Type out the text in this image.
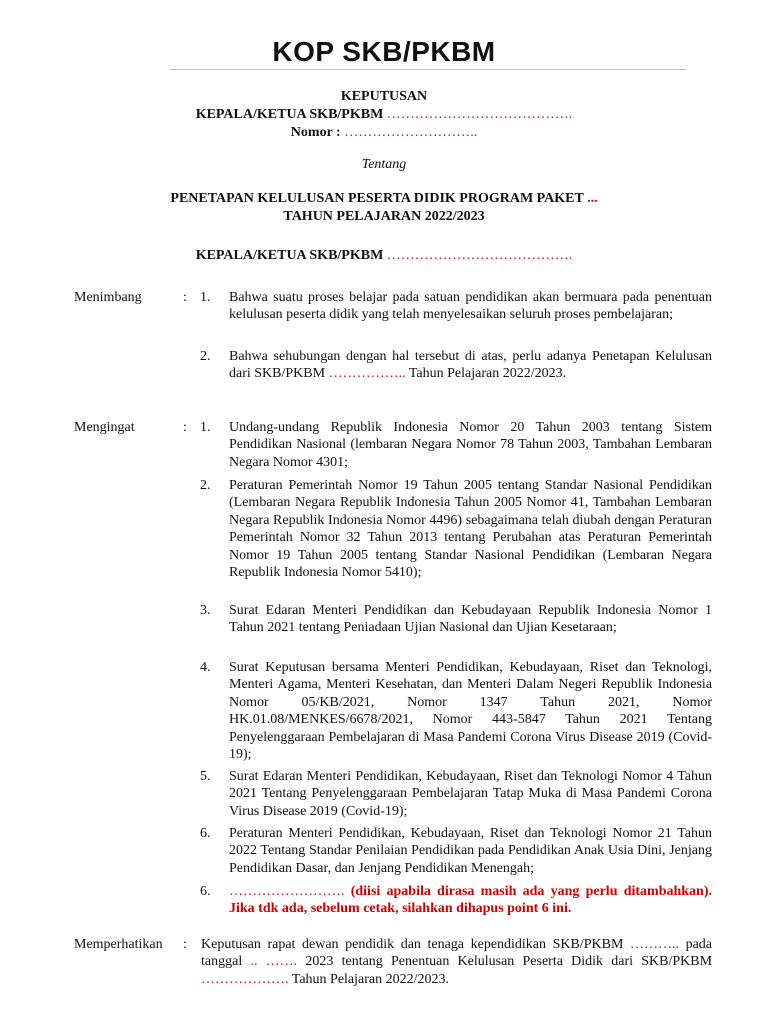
KOP SKB/PKBM
KEPUTUSAN
KEPALA/KETUA SKB/PKBM ………………………………….
Nomor : ………………………..
Tentang
PENETAPAN KELULUSAN PESERTA DIDIK PROGRAM PAKET ...
TAHUN PELAJARAN 2022/2023
KEPALA/KETUA SKB/PKBM ………………………………….
Menimbang	: 1. Bahwa suatu proses belajar pada satuan pendidikan akan bermuara pada penentuan kelulusan peserta didik yang telah menyelesaikan seluruh proses pembelajaran;
2. Bahwa sehubungan dengan hal tersebut di atas, perlu adanya Penetapan Kelulusan dari SKB/PKBM …………….. Tahun Pelajaran 2022/2023.
Mengingat	: 1. Undang-undang Republik Indonesia Nomor 20 Tahun 2003 tentang Sistem Pendidikan Nasional (lembaran Negara Nomor 78 Tahun 2003, Tambahan Lembaran Negara Nomor 4301;
2. Peraturan Pemerintah Nomor 19 Tahun 2005 tentang Standar Nasional Pendidikan (Lembaran Negara Republik Indonesia Tahun 2005 Nomor 41, Tambahan Lembaran Negara Republik Indonesia Nomor 4496) sebagaimana telah diubah dengan Peraturan Pemerintah Nomor 32 Tahun 2013 tentang Perubahan atas Peraturan Pemerintah Nomor 19 Tahun 2005 tentang Standar Nasional Pendidikan (Lembaran Negara Republik Indonesia Nomor 5410);
3. Surat Edaran Menteri Pendidikan dan Kebudayaan Republik Indonesia Nomor 1 Tahun 2021 tentang Peniadaan Ujian Nasional dan Ujian Kesetaraan;
4. Surat Keputusan bersama Menteri Pendidikan, Kebudayaan, Riset dan Teknologi, Menteri Agama, Menteri Kesehatan, dan Menteri Dalam Negeri Republik Indonesia Nomor 05/KB/2021, Nomor 1347 Tahun 2021, Nomor HK.01.08/MENKES/6678/2021, Nomor 443-5847 Tahun 2021 Tentang Penyelenggaraan Pembelajaran di Masa Pandemi Corona Virus Disease 2019 (Covid-19);
5. Surat Edaran Menteri Pendidikan, Kebudayaan, Riset dan Teknologi Nomor 4 Tahun 2021 Tentang Penyelenggaraan Pembelajaran Tatap Muka di Masa Pandemi Corona Virus Disease 2019 (Covid-19);
6. Peraturan Menteri Pendidikan, Kebudayaan, Riset dan Teknologi Nomor 21 Tahun 2022 Tentang Standar Penilaian Pendidikan pada Pendidikan Anak Usia Dini, Jenjang Pendidikan Dasar, dan Jenjang Pendidikan Menengah;
6. ……………………. (diisi apabila dirasa masih ada yang perlu ditambahkan). Jika tdk ada, sebelum cetak, silahkan dihapus point 6 ini.
Memperhatikan : Keputusan rapat dewan pendidik dan tenaga kependidikan SKB/PKBM ……….. pada tanggal .. ……. 2023 tentang Penentuan Kelulusan Peserta Didik dari SKB/PKBM ………………. Tahun Pelajaran 2022/2023.
